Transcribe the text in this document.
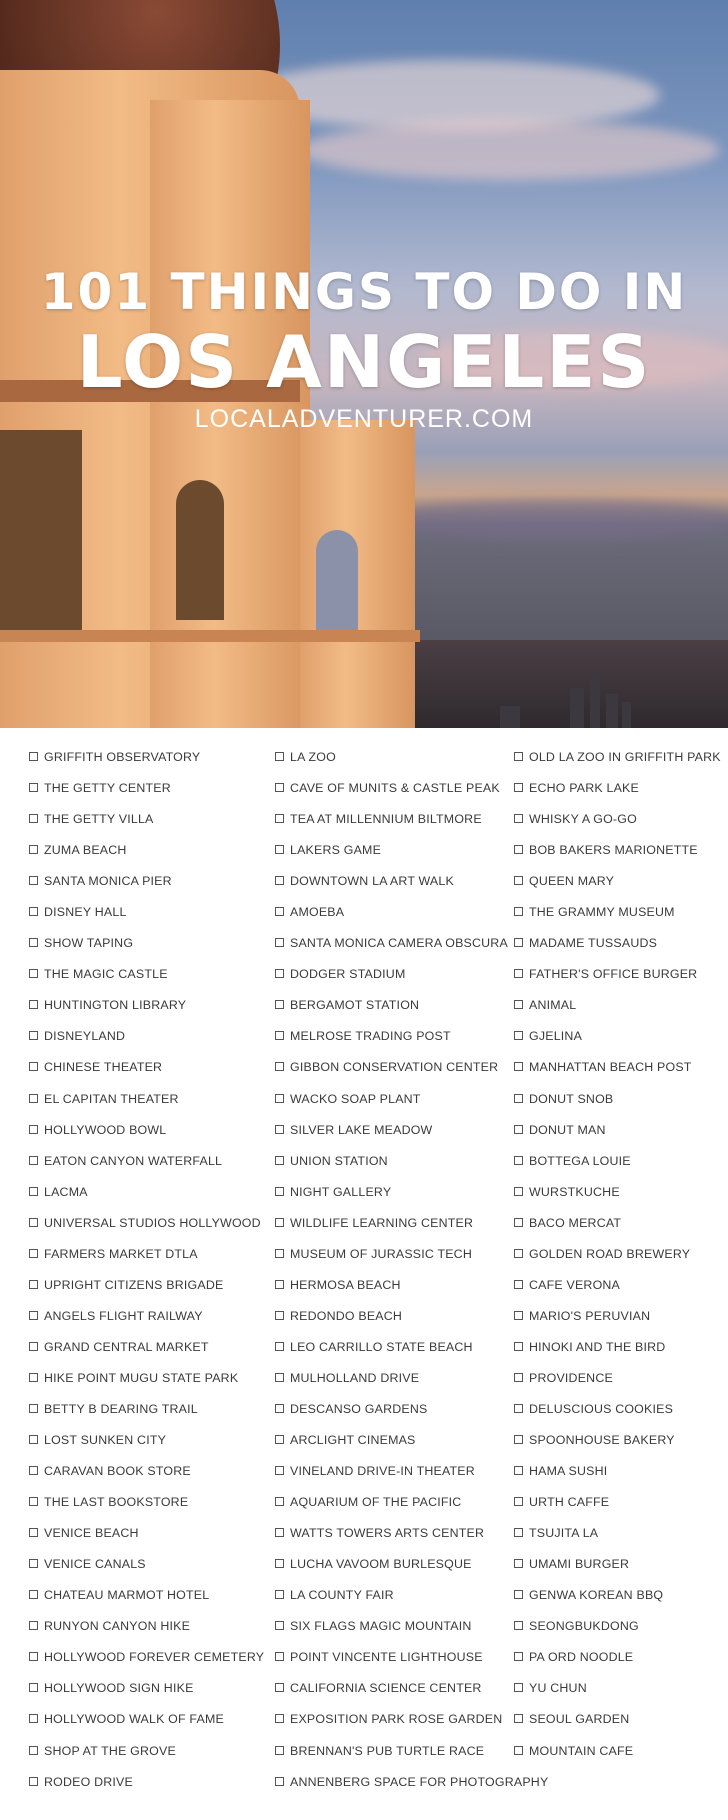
101 THINGS TO DO IN
LOS ANGELES
LOCALADVENTURER.COM
GRIFFITH OBSERVATORY
THE GETTY CENTER
THE GETTY VILLA
ZUMA BEACH
SANTA MONICA PIER
DISNEY HALL
SHOW TAPING
THE MAGIC CASTLE
HUNTINGTON LIBRARY
DISNEYLAND
CHINESE THEATER
EL CAPITAN THEATER
HOLLYWOOD BOWL
EATON CANYON WATERFALL
LACMA
UNIVERSAL STUDIOS HOLLYWOOD
FARMERS MARKET DTLA
UPRIGHT CITIZENS BRIGADE
ANGELS FLIGHT RAILWAY
GRAND CENTRAL MARKET
HIKE POINT MUGU STATE PARK
BETTY B DEARING TRAIL
LOST SUNKEN CITY
CARAVAN BOOK STORE
THE LAST BOOKSTORE
VENICE BEACH
VENICE CANALS
CHATEAU MARMOT HOTEL
RUNYON CANYON HIKE
HOLLYWOOD FOREVER CEMETERY
HOLLYWOOD SIGN HIKE
HOLLYWOOD WALK OF FAME
SHOP AT THE GROVE
RODEO DRIVE
LA ZOO
CAVE OF MUNITS & CASTLE PEAK
TEA AT MILLENNIUM BILTMORE
LAKERS GAME
DOWNTOWN LA ART WALK
AMOEBA
SANTA MONICA CAMERA OBSCURA
DODGER STADIUM
BERGAMOT STATION
MELROSE TRADING POST
GIBBON CONSERVATION CENTER
WACKO SOAP PLANT
SILVER LAKE MEADOW
UNION STATION
NIGHT GALLERY
WILDLIFE LEARNING CENTER
MUSEUM OF JURASSIC TECH
HERMOSA BEACH
REDONDO BEACH
LEO CARRILLO STATE BEACH
MULHOLLAND DRIVE
DESCANSO GARDENS
ARCLIGHT CINEMAS
VINELAND DRIVE-IN THEATER
AQUARIUM OF THE PACIFIC
WATTS TOWERS ARTS CENTER
LUCHA VAVOOM BURLESQUE
LA COUNTY FAIR
SIX FLAGS MAGIC MOUNTAIN
POINT VINCENTE LIGHTHOUSE
CALIFORNIA SCIENCE CENTER
EXPOSITION PARK ROSE GARDEN
BRENNAN'S PUB TURTLE RACE
ANNENBERG SPACE FOR PHOTOGRAPHY
OLD LA ZOO IN GRIFFITH PARK
ECHO PARK LAKE
WHISKY A GO-GO
BOB BAKERS MARIONETTE
QUEEN MARY
THE GRAMMY MUSEUM
MADAME TUSSAUDS
FATHER'S OFFICE BURGER
ANIMAL
GJELINA
MANHATTAN BEACH POST
DONUT SNOB
DONUT MAN
BOTTEGA LOUIE
WURSTKUCHE
BACO MERCAT
GOLDEN ROAD BREWERY
CAFE VERONA
MARIO'S PERUVIAN
HINOKI AND THE BIRD
PROVIDENCE
DELUSCIOUS COOKIES
SPOONHOUSE BAKERY
HAMA SUSHI
URTH CAFFE
TSUJITA LA
UMAMI BURGER
GENWA KOREAN BBQ
SEONGBUKDONG
PA ORD NOODLE
YU CHUN
SEOUL GARDEN
MOUNTAIN CAFE
